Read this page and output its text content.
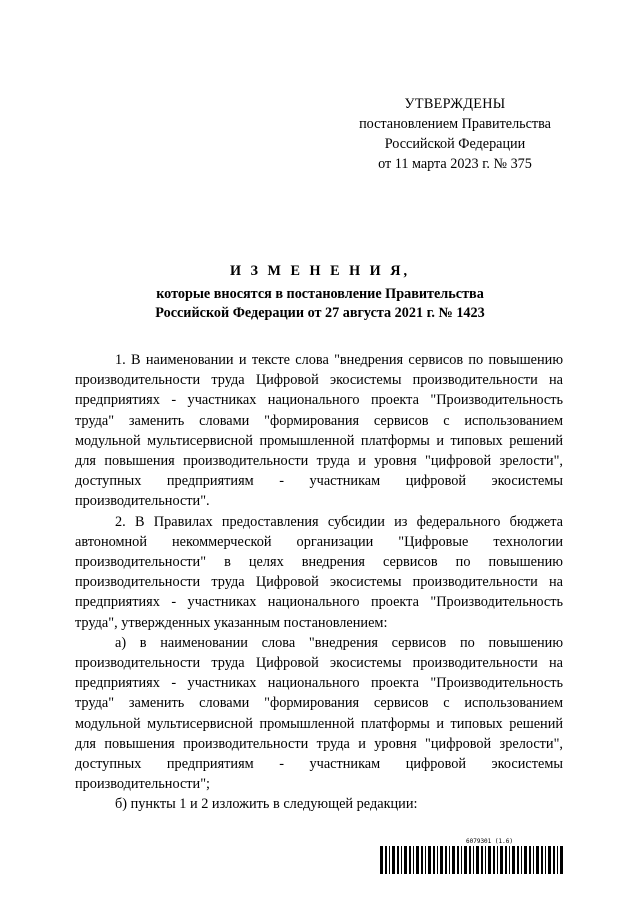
УТВЕРЖДЕНЫ
постановлением Правительства
Российской Федерации
от 11 марта 2023 г. № 375
И З М Е Н Е Н И Я,
которые вносятся в постановление Правительства
Российской Федерации от 27 августа 2021 г. № 1423

1. В наименовании и тексте слова "внедрения сервисов по повышению производительности труда Цифровой экосистемы производительности на предприятиях - участниках национального проекта "Производительность труда" заменить словами "формирования сервисов с использованием модульной мультисервисной промышленной платформы и типовых решений для повышения производительности труда и уровня "цифровой зрелости", доступных предприятиям - участникам цифровой экосистемы производительности".

2. В Правилах предоставления субсидии из федерального бюджета автономной некоммерческой организации "Цифровые технологии производительности" в целях внедрения сервисов по повышению производительности труда Цифровой экосистемы производительности на предприятиях - участниках национального проекта "Производительность труда", утвержденных указанным постановлением:

а) в наименовании слова "внедрения сервисов по повышению производительности труда Цифровой экосистемы производительности на предприятиях - участниках национального проекта "Производительность труда" заменить словами "формирования сервисов с использованием модульной мультисервисной промышленной платформы и типовых решений для повышения производительности труда и уровня "цифровой зрелости", доступных предприятиям - участникам цифровой экосистемы производительности";

б) пункты 1 и 2 изложить в следующей редакции:

6079301 (1.6)
